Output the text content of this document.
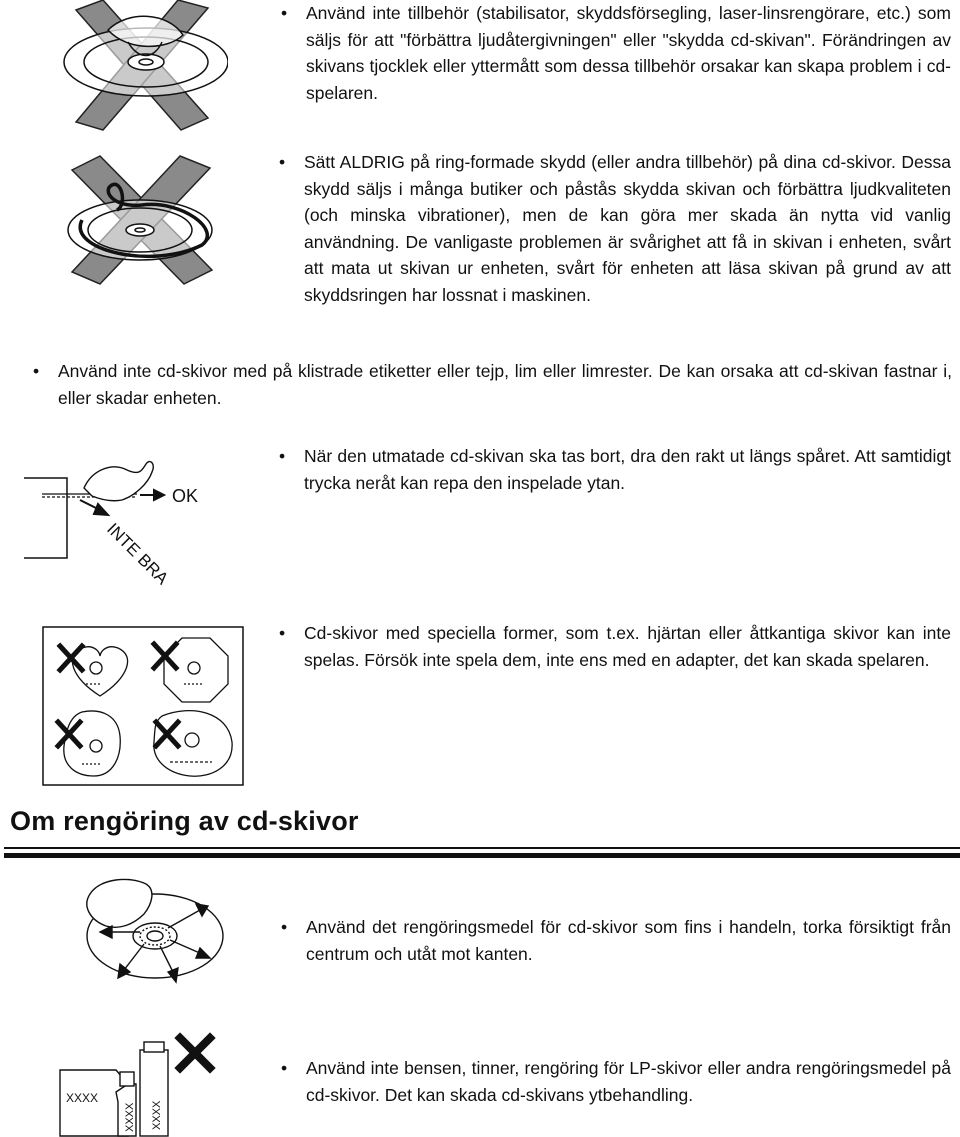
• Använd inte tillbehör (stabilisator, skyddsförsegling, laser-linsrengörare, etc.) som säljs för att "förbättra ljudåtergivningen" eller "skydda cd-skivan". Förändringen av skivans tjocklek eller yttermått som dessa tillbehör orsakar kan skapa problem i cd-spelaren.
• Sätt ALDRIG på ring-formade skydd (eller andra tillbehör) på dina cd-skivor. Dessa skydd säljs i många butiker och påstås skydda skivan och förbättra ljudkvaliteten (och minska vibrationer), men de kan göra mer skada än nytta vid vanlig användning. De vanligaste problemen är svårighet att få in skivan i enheten, svårt att mata ut skivan ur enheten, svårt för enheten att läsa skivan på grund av att skyddsringen har lossnat i maskinen.
• Använd inte cd-skivor med på klistrade etiketter eller tejp, lim eller limrester. De kan orsaka att cd-skivan fastnar i, eller skadar enheten.
OK
INTE BRA
• När den utmatade cd-skivan ska tas bort, dra den rakt ut längs spåret. Att samtidigt trycka neråt kan repa den inspelade ytan.
• Cd-skivor med speciella former, som t.ex. hjärtan eller åttkantiga skivor kan inte spelas. Försök inte spela dem, inte ens med en adapter, det kan skada spelaren.
Om rengöring av cd-skivor
• Använd det rengöringsmedel för cd-skivor som fins i handeln, torka försiktigt från centrum och utåt mot kanten.
XXXX
XXXX
XXXX
• Använd inte bensen, tinner, rengöring för LP-skivor eller andra rengöringsmedel på cd-skivor. Det kan skada cd-skivans ytbehandling.
